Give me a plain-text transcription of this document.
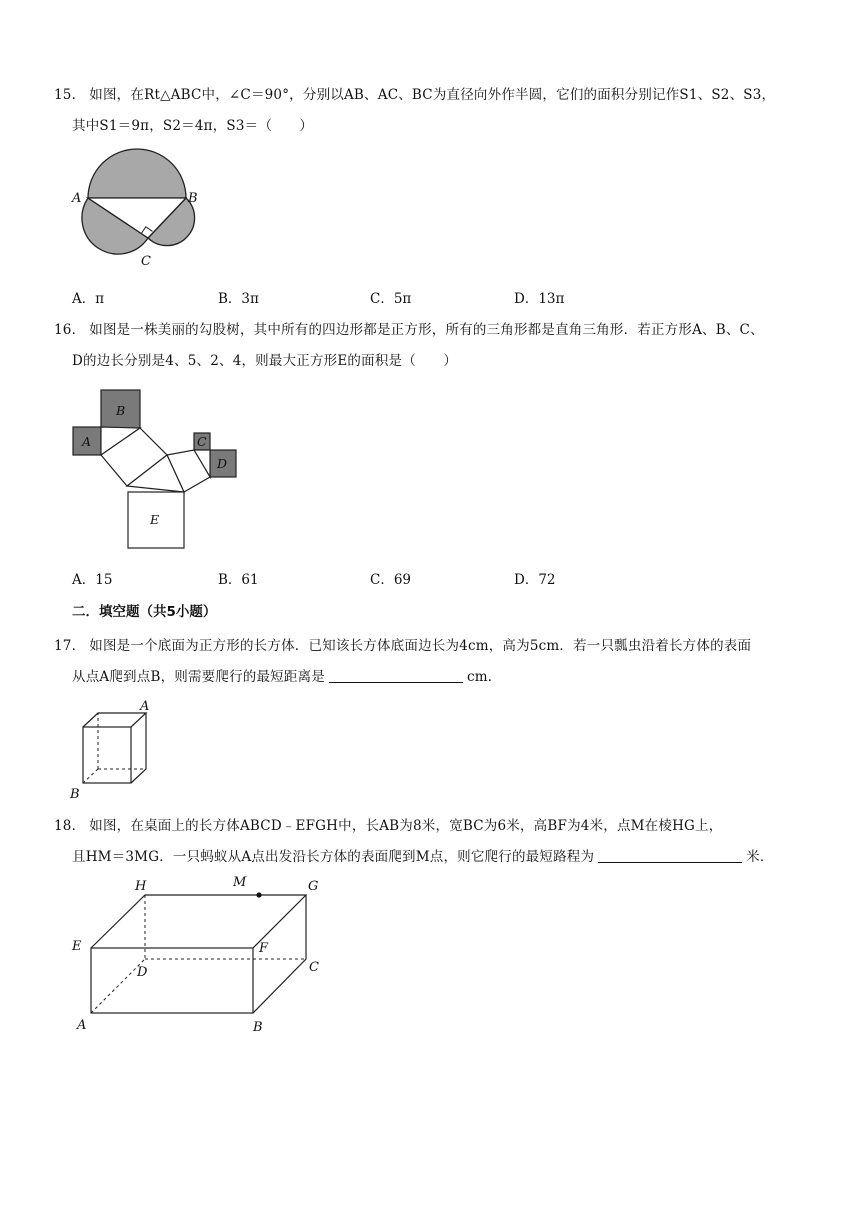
15． 如图，在Rt△ABC中，∠C＝90°，分别以AB、AC、BC为直径向外作半圆，它们的面积分别记作S1、S2、S3，
其中S1＝9π，S2＝4π，S3＝（　　）
A	B
C
A．π	B．3π	C．5π	D．13π
16． 如图是一株美丽的勾股树，其中所有的四边形都是正方形，所有的三角形都是直角三角形．若正方形A、B、C、
D的边长分别是4、5、2、4，则最大正方形E的面积是（　　）
A
B
C
D
E
A．15	B．61	C．69	D．72
二．填空题（共5小题）
17． 如图是一个底面为正方形的长方体．已知该长方体底面边长为4cm，高为5cm．若一只瓢虫沿着长方体的表面
从点A爬到点B，则需要爬行的最短距离是	cm．
A
B
18． 如图，在桌面上的长方体ABCD﹣EFGH中，长AB为8米，宽BC为6米，高BF为4米，点M在棱HG上，
且HM＝3MG．一只蚂蚁从A点出发沿长方体的表面爬到M点，则它爬行的最短路程为	米．
H	M	G
E	F
D	C
A	B
